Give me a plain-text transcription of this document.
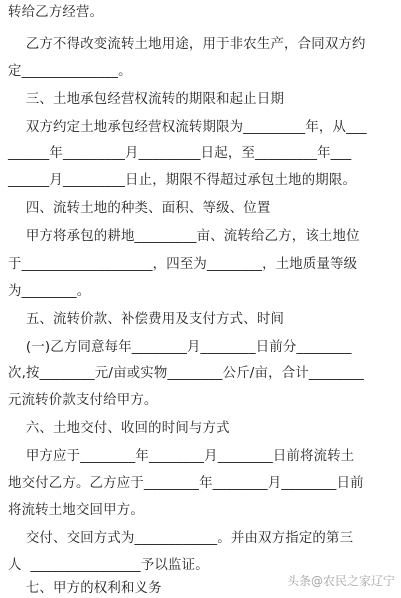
转给乙方经营。
乙方不得改变流转土地用途，用于非农生产，合同双方约
定______________。
三、土地承包经营权流转的期限和起止日期
双方约定土地承包经营权流转期限为_________年，从___
______年_________月_________日起，至_________年___
______月_________日止，期限不得超过承包土地的期限。
四、流转土地的种类、面积、等级、位置
甲方将承包的耕地_________亩、流转给乙方，该土地位
于___________________，四至为________，土地质量等级
为________。
五、流转价款、补偿费用及支付方式、时间
(一)乙方同意每年________月________日前分________
次,按________元/亩或实物________公斤/亩，合计________
元流转价款支付给甲方。
六、土地交付、收回的时间与方式
甲方应于________年________月________日前将流转土
地交付乙方。乙方应于________年________月________日前
将流转土地交回甲方。
交付、交回方式为____________。并由双方指定的第三
人  ________________予以监证。
七、甲方的权利和义务	头条@农民之家辽宁
